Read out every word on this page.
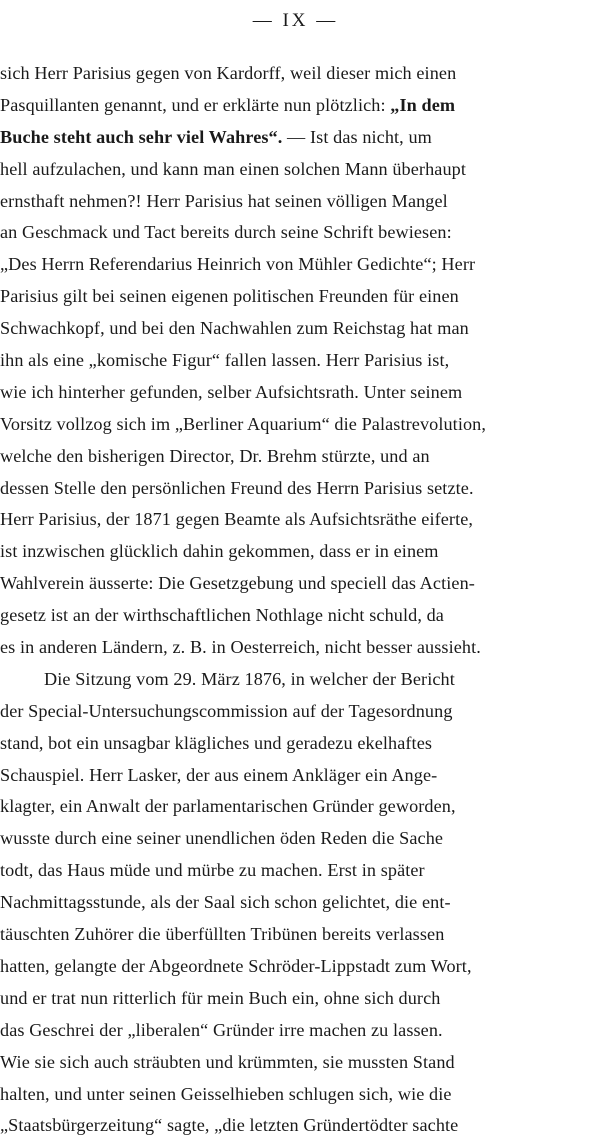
— IX —
sich Herr Parisius gegen von Kardorff, weil dieser mich einen
Pasquillanten genannt, und er erklärte nun plötzlich: „In dem
Buche steht auch sehr viel Wahres“. — Ist das nicht, um
hell aufzulachen, und kann man einen solchen Mann überhaupt
ernsthaft nehmen?! Herr Parisius hat seinen völligen Mangel
an Geschmack und Tact bereits durch seine Schrift bewiesen:
„Des Herrn Referendarius Heinrich von Mühler Gedichte“; Herr
Parisius gilt bei seinen eigenen politischen Freunden für einen
Schwachkopf, und bei den Nachwahlen zum Reichstag hat man
ihn als eine „komische Figur“ fallen lassen. Herr Parisius ist,
wie ich hinterher gefunden, selber Aufsichtsrath. Unter seinem
Vorsitz vollzog sich im „Berliner Aquarium“ die Palastrevolution,
welche den bisherigen Director, Dr. Brehm stürzte, und an
dessen Stelle den persönlichen Freund des Herrn Parisius setzte.
Herr Parisius, der 1871 gegen Beamte als Aufsichtsräthe eiferte,
ist inzwischen glücklich dahin gekommen, dass er in einem
Wahlverein äusserte: Die Gesetzgebung und speciell das Actien-
gesetz ist an der wirthschaftlichen Nothlage nicht schuld, da
es in anderen Ländern, z. B. in Oesterreich, nicht besser aussieht.
Die Sitzung vom 29. März 1876, in welcher der Bericht
der Special-Untersuchungscommission auf der Tagesordnung
stand, bot ein unsagbar klägliches und geradezu ekelhaftes
Schauspiel. Herr Lasker, der aus einem Ankläger ein Ange-
klagter, ein Anwalt der parlamentarischen Gründer geworden,
wusste durch eine seiner unendlichen öden Reden die Sache
todt, das Haus müde und mürbe zu machen. Erst in später
Nachmittagsstunde, als der Saal sich schon gelichtet, die ent-
täuschten Zuhörer die überfüllten Tribünen bereits verlassen
hatten, gelangte der Abgeordnete Schröder-Lippstadt zum Wort,
und er trat nun ritterlich für mein Buch ein, ohne sich durch
das Geschrei der „liberalen“ Gründer irre machen zu lassen.
Wie sie sich auch sträubten und krümmten, sie mussten Stand
halten, und unter seinen Geisselhieben schlugen sich, wie die
„Staatsbürgerzeitung“ sagte, „die letzten Gründertödter sachte
